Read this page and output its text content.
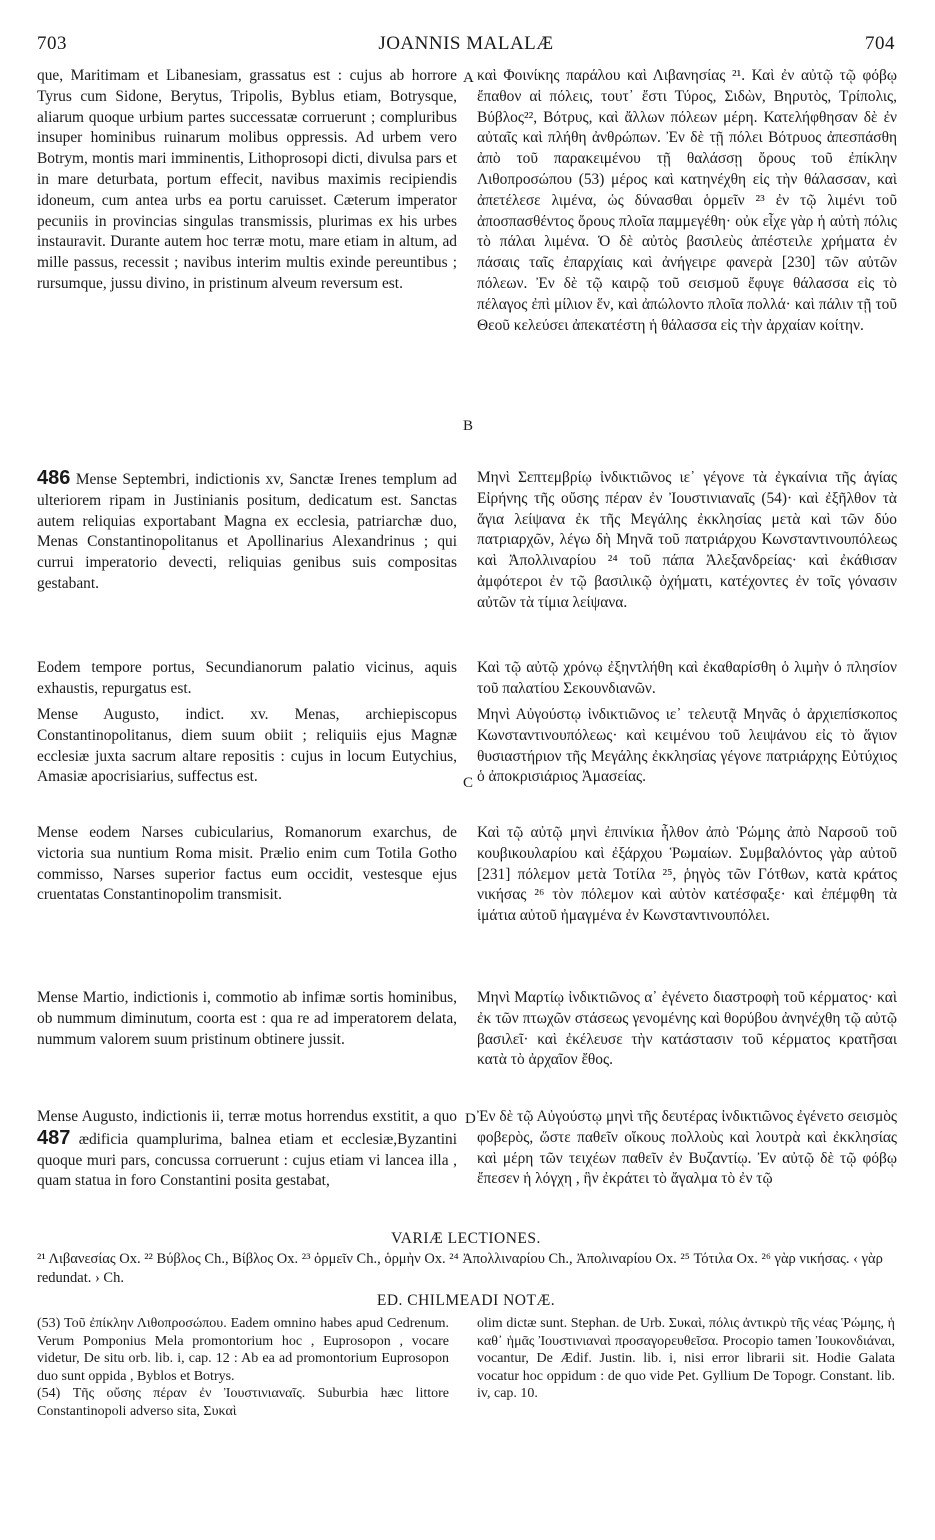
703	JOANNIS MALALÆ	704

que, Maritimam et Libanesiam, grassatus est : cujus ab horrore Tyrus cum Sidone, Berytus, Tripolis, Byblus etiam, Botrysque, aliarum quoque urbium partes successatæ corruerunt ; compluribus insuper hominibus ruinarum molibus oppressis. Ad urbem vero Botrym, montis mari imminentis, Lithoprosopi dicti, divulsa pars et in mare deturbata, portum effecit, navibus maximis recipiendis idoneum, cum antea urbs ea portu caruisset. Cæterum imperator pecuniis in provincias singulas transmissis, plurimas ex his urbes instauravit. Durante autem hoc terræ motu, mare etiam in altum, ad mille passus, recessit ; navibus interim multis exinde pereuntibus ; rursumque, jussu divino, in pristinum alveum reversum est.

486 Mense Septembri, indictionis xv, Sanctæ Irenes templum ad ulteriorem ripam in Justinianis positum, dedicatum est. Sanctas autem reliquias exportabant Magna ex ecclesia, patriarchæ duo, Menas Constantinopolitanus et Apollinarius Alexandrinus ; qui currui imperatorio devecti, reliquias genibus suis compositas gestabant.

Eodem tempore portus, Secundianorum palatio vicinus, aquis exhaustis, repurgatus est.

Mense Augusto, indict. xv. Menas, archiepiscopus Constantinopolitanus, diem suum obiit ; reliquiis ejus Magnæ ecclesiæ juxta sacrum altare repositis : cujus in locum Eutychius, Amasiæ apocrisiarius, suffectus est.

Mense eodem Narses cubicularius, Romanorum exarchus, de victoria sua nuntium Roma misit. Prælio enim cum Totila Gotho commisso, Narses superior factus eum occidit, vestesque ejus cruentatas Constantinopolim transmisit.

Mense Martio, indictionis i, commotio ab infimæ sortis hominibus, ob nummum diminutum, coorta est : qua re ad imperatorem delata, nummum valorem suum pristinum obtinere jussit.

Mense Augusto, indictionis ii, terræ motus horrendus exstitit, a quo 487 ædificia quamplurima, balnea etiam et ecclesiæ,Byzantini quoque muri pars, concussa corruerunt : cujus etiam vi lancea illa , quam statua in foro Constantini posita gestabat,

καὶ Φοινίκης παράλου καὶ Λιβανησίας ²¹. Καὶ ἐν αὐτῷ τῷ φόβῳ ἔπαθον αἱ πόλεις, τουτ᾽ ἔστι Τύρος, Σιδὼν, Βηρυτὸς, Τρίπολις, Βύβλος²², Βότρυς, καὶ ἄλλων πόλεων μέρη. Κατελήφθησαν δὲ ἐν αὐταῖς καὶ πλήθη ἀνθρώπων. Ἐν δὲ τῇ πόλει Βότρυος ἀπεσπάσθη ἀπὸ τοῦ παρακειμένου τῇ θαλάσσῃ ὄρους τοῦ ἐπίκλην Λιθοπροσώπου (53) μέρος καὶ κατηνέχθη εἰς τὴν θάλασσαν, καὶ ἀπετέλεσε λιμένα, ὡς δύνασθαι ὁρμεῖν ²³ ἐν τῷ λιμένι τοῦ ἀποσπασθέντος ὄρους πλοῖα παμμεγέθη· οὐκ εἶχε γὰρ ἡ αὐτὴ πόλις τὸ πάλαι λιμένα. Ὁ δὲ αὐτὸς βασιλεὺς ἀπέστειλε χρήματα ἐν πάσαις ταῖς ἐπαρχίαις καὶ ἀνήγειρε φανερὰ [230] τῶν αὐτῶν πόλεων. Ἐν δὲ τῷ καιρῷ τοῦ σεισμοῦ ἔφυγε θάλασσα εἰς τὸ πέλαγος ἐπὶ μίλιον ἕν, καὶ ἀπώλοντο πλοῖα πολλά· καὶ πάλιν τῇ τοῦ Θεοῦ κελεύσει ἀπεκατέστη ἡ θάλασσα εἰς τὴν ἀρχαίαν κοίτην.

Μηνὶ Σεπτεμβρίῳ ἰνδικτιῶνος ιε᾽ γέγονε τὰ ἐγκαίνια τῆς ἁγίας Εἰρήνης τῆς οὔσης πέραν ἐν Ἰουστινιαναῖς (54)· καὶ ἐξῆλθον τὰ ἅγια λείψανα ἐκ τῆς Μεγάλης ἐκκλησίας μετὰ καὶ τῶν δύο πατριαρχῶν, λέγω δὴ Μηνᾶ τοῦ πατριάρχου Κωνσταντινουπόλεως καὶ Ἀπολλιναρίου ²⁴ τοῦ πάπα Ἀλεξανδρείας· καὶ ἐκάθισαν ἀμφότεροι ἐν τῷ βασιλικῷ ὀχήματι, κατέχοντες ἐν τοῖς γόνασιν αὐτῶν τὰ τίμια λείψανα.

Καὶ τῷ αὐτῷ χρόνῳ ἐξηντλήθη καὶ ἐκαθαρίσθη ὁ λιμὴν ὁ πλησίον τοῦ παλατίου Σεκουνδιανῶν.

Μηνὶ Αὐγούστῳ ἰνδικτιῶνος ιε᾽ τελευτᾷ Μηνᾶς ὁ ἀρχιεπίσκοπος Κωνσταντινουπόλεως· καὶ κειμένου τοῦ λειψάνου εἰς τὸ ἅγιον θυσιαστήριον τῆς Μεγάλης ἐκκλησίας γέγονε πατριάρχης Εὐτύχιος ὁ ἀποκρισιάριος Ἀμασείας.

Καὶ τῷ αὐτῷ μηνὶ ἐπινίκια ἦλθον ἀπὸ Ῥώμης ἀπὸ Ναρσοῦ τοῦ κουβικουλαρίου καὶ ἐξάρχου Ῥωμαίων. Συμβαλόντος γὰρ αὐτοῦ [231] πόλεμον μετὰ Τοτίλα ²⁵, ῥηγὸς τῶν Γότθων, κατὰ κράτος νικήσας ²⁶ τὸν πόλεμον καὶ αὐτὸν κατέσφαξε· καὶ ἐπέμφθη τὰ ἱμάτια αὐτοῦ ἠμαγμένα ἐν Κωνσταντινουπόλει.

Μηνὶ Μαρτίῳ ἰνδικτιῶνος α᾽ ἐγένετο διαστροφὴ τοῦ κέρματος· καὶ ἐκ τῶν πτωχῶν στάσεως γενομένης καὶ θορύβου ἀνηνέχθη τῷ αὐτῷ βασιλεῖ· καὶ ἐκέλευσε τὴν κατάστασιν τοῦ κέρματος κρατῆσαι κατὰ τὸ ἀρχαῖον ἔθος.

Ἐν δὲ τῷ Αὐγούστῳ μηνὶ τῆς δευτέρας ἰνδικτιῶνος ἐγένετο σεισμὸς φοβερὸς, ὥστε παθεῖν οἴκους πολλοὺς καὶ λουτρὰ καὶ ἐκκλησίας καὶ μέρη τῶν τειχέων παθεῖν ἐν Βυζαντίῳ. Ἐν αὐτῷ δὲ τῷ φόβῳ ἔπεσεν ἡ λόγχη , ἣν ἐκράτει τὸ ἄγαλμα τὸ ἐν τῷ

A
B
C
D
VARIÆ LECTIONES.
²¹ Λιβανεσίας Ox. ²² Βύβλος Ch., Βίβλος Ox. ²³ ὁρμεῖν Ch., ὁρμὴν Ox. ²⁴ Ἀπολλιναρίου Ch., Ἀπολιναρίου Ox. ²⁵ Τότιλα Ox. ²⁶ γὰρ νικήσας. ‹ γὰρ redundat. › Ch.
ED. CHILMEADI NOTÆ.
(53) Τοῦ ἐπίκλην Λιθοπροσώπου. Eadem omnino habes apud Cedrenum. Verum Pomponius Mela promontorium hoc , Euprosopon , vocare videtur, De situ orb. lib. i, cap. 12 : Ab ea ad promontorium Euprosopon duo sunt oppida , Byblos et Botrys.
(54) Τῆς οὔσης πέραν ἐν Ἰουστινιαναῖς. Suburbia hæc littore Constantinopoli adverso sita, Συκαὶ
olim dictæ sunt. Stephan. de Urb. Συκαὶ, πόλις ἀντικρὺ τῆς νέας Ῥώμης, ἡ καθ᾽ ἡμᾶς Ἰουστινιαναὶ προσαγορευθεῖσα. Procopio tamen Ἰουκονδιάναι, vocantur, De Ædif. Justin. lib. i, nisi error librarii sit. Hodie Galata vocatur hoc oppidum : de quo vide Pet. Gyllium De Topogr. Constant. lib. iv, cap. 10.
